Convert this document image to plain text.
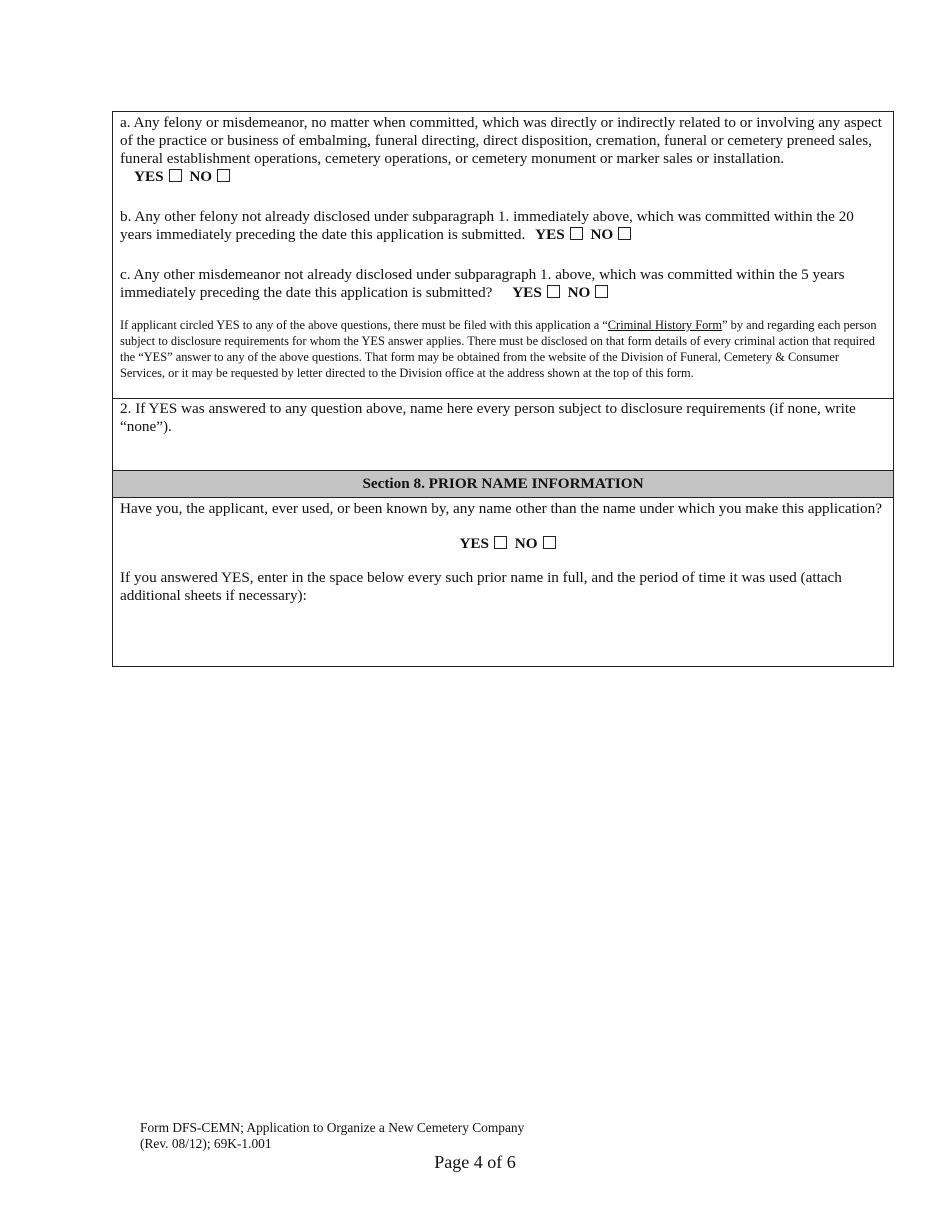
a. Any felony or misdemeanor, no matter when committed, which was directly or indirectly related to or involving any aspect of the practice or business of embalming, funeral directing, direct disposition, cremation, funeral or cemetery preneed sales, funeral establishment operations, cemetery operations, or cemetery monument or marker sales or installation. YES NO
b. Any other felony not already disclosed under subparagraph 1. immediately above, which was committed within the 20 years immediately preceding the date this application is submitted. YES NO
c. Any other misdemeanor not already disclosed under subparagraph 1. above, which was committed within the 5 years immediately preceding the date this application is submitted? YES NO
If applicant circled YES to any of the above questions, there must be filed with this application a “Criminal History Form” by and regarding each person subject to disclosure requirements for whom the YES answer applies. There must be disclosed on that form details of every criminal action that required the “YES” answer to any of the above questions. That form may be obtained from the website of the Division of Funeral, Cemetery & Consumer Services, or it may be requested by letter directed to the Division office at the address shown at the top of this form.
2. If YES was answered to any question above, name here every person subject to disclosure requirements (if none, write “none”).
Section 8. PRIOR NAME INFORMATION
Have you, the applicant, ever used, or been known by, any name other than the name under which you make this application?
YES NO
If you answered YES, enter in the space below every such prior name in full, and the period of time it was used (attach additional sheets if necessary):
Form DFS-CEMN; Application to Organize a New Cemetery Company
(Rev. 08/12); 69K-1.001
Page 4 of 6
